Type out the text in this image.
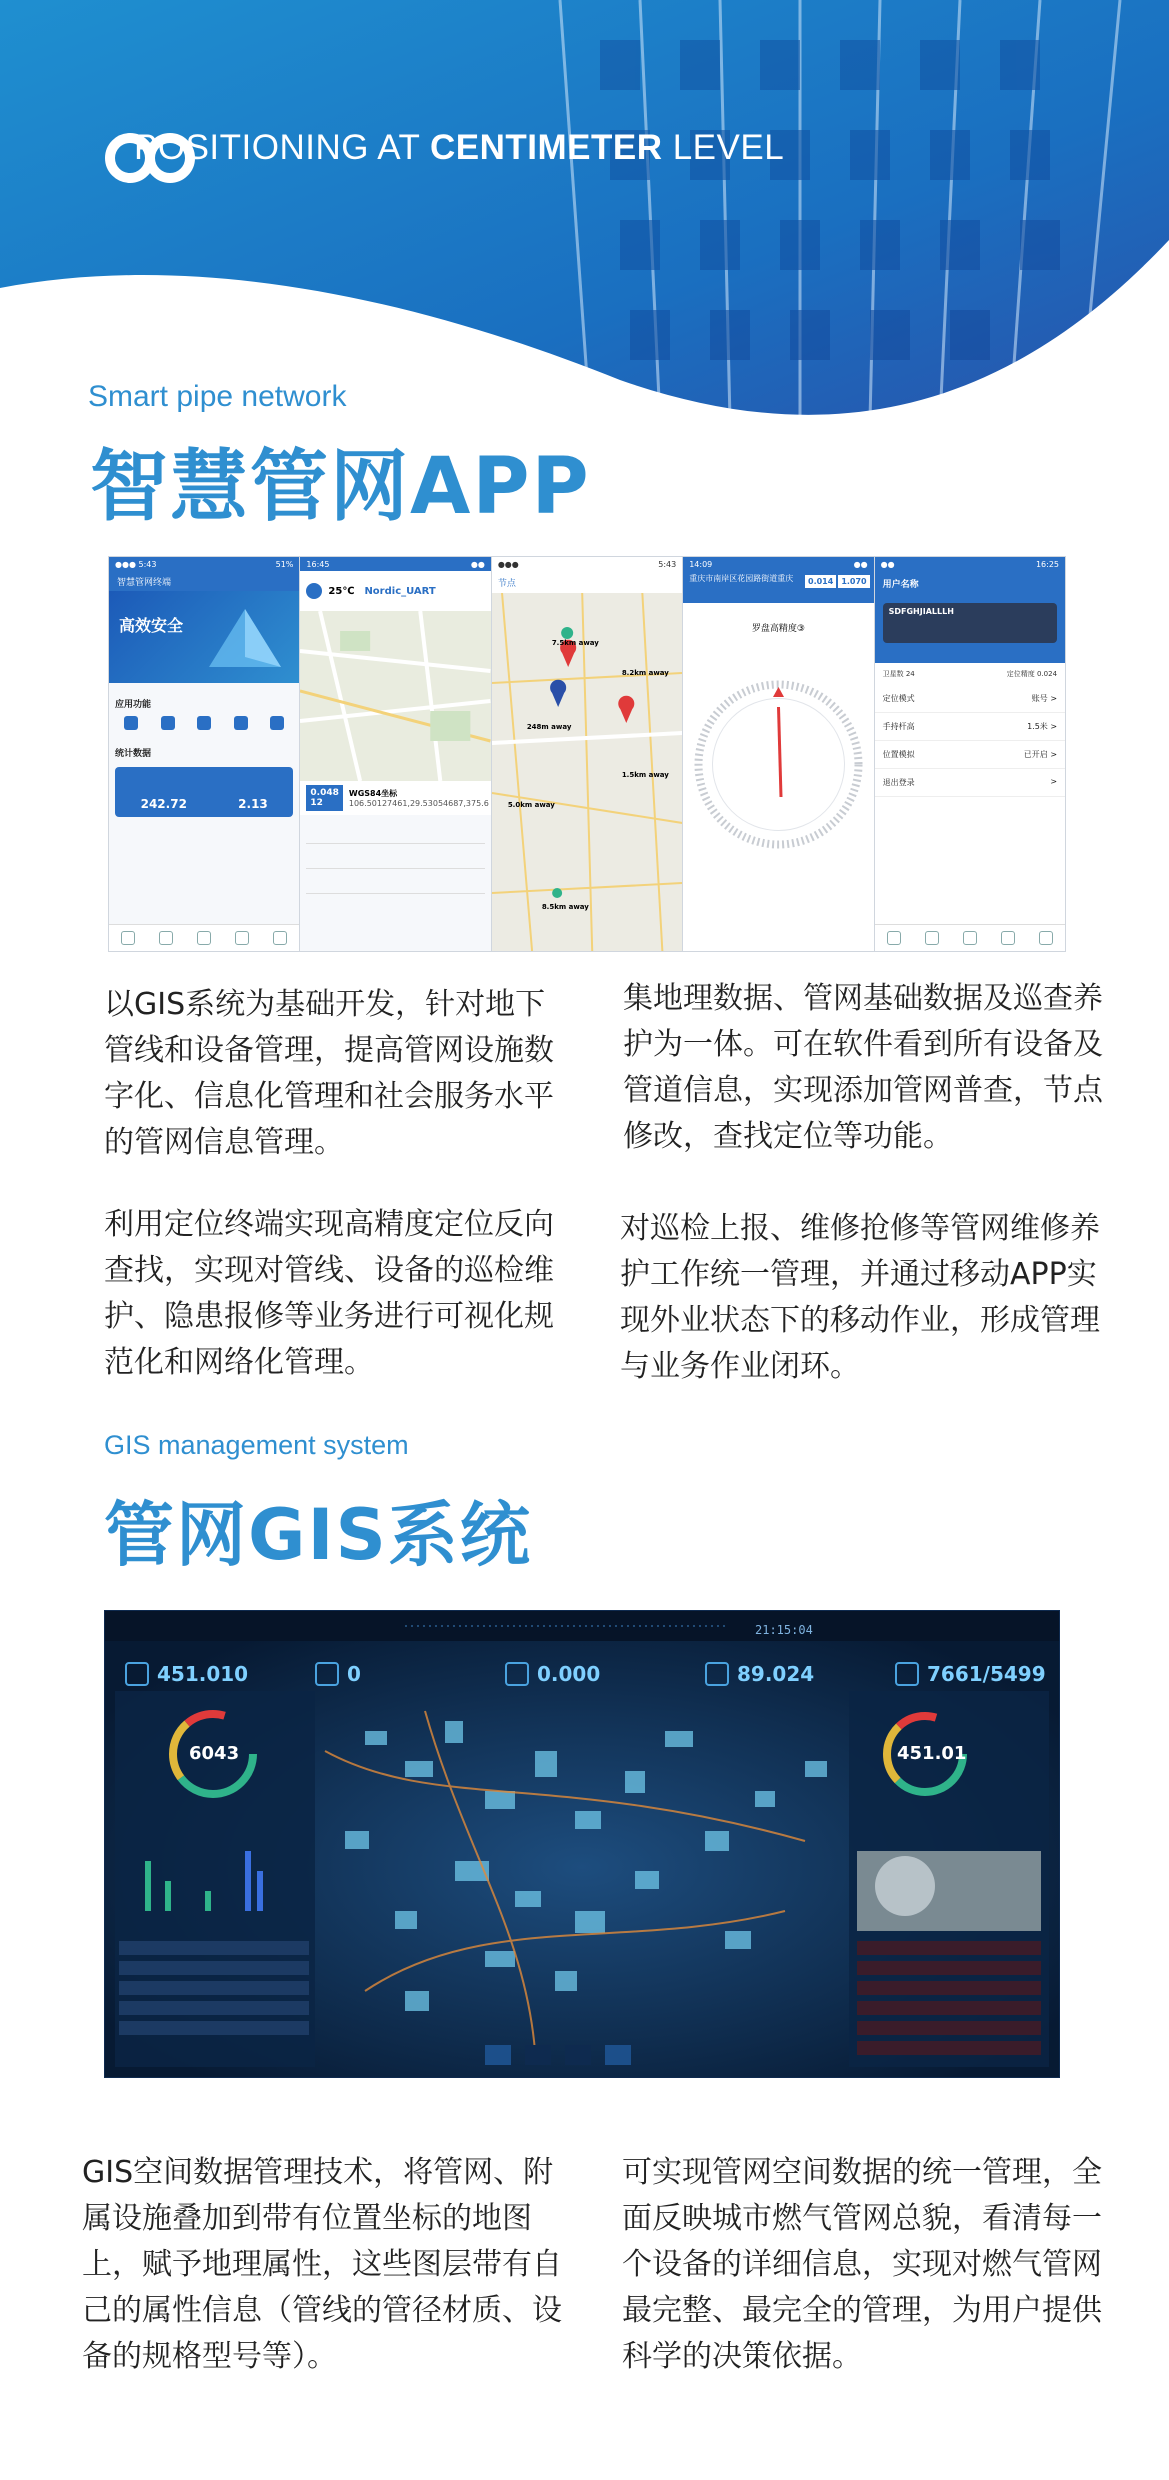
POSITIONING AT CENTIMETER LEVEL
Smart pipe network
智慧管网APP
●●● 5:43	51%
智慧管网终端
高效安全
应用功能
统计数据
242.72	2.13
16:45	●●
25℃ Nordic_UART
0.048 12
WGS84坐标
106.50127461,29.53054687,375.6
●●●	5:43
节点
7.5km away
8.2km away
248m away
1.5km away
5.0km away
8.5km away
14:09	●●
重庆市南岸区花园路街道重庆	0.014	1.070
罗盘高精度③
●●	16:25
用户名称
SDFGHJIALLLH
卫星数 24	定位精度 0.024
定位模式	账号 >
手持杆高	1.5米 >
位置模拟	已开启 >
退出登录	>

以GIS系统为基础开发，针对地下管线和设备管理，提高管网设施数字化、信息化管理和社会服务水平的管网信息管理。

集地理数据、管网基础数据及巡查养护为一体。可在软件看到所有设备及管道信息，实现添加管网普查，节点修改，查找定位等功能。

利用定位终端实现高精度定位反向查找，实现对管线、设备的巡检维护、隐患报修等业务进行可视化规范化和网络化管理。

对巡检上报、维修抢修等管网维修养护工作统一管理，并通过移动APP实现外业状态下的移动作业，形成管理与业务作业闭环。

GIS management system
管网GIS系统
21:15:04
451.010	0	0.000	89.024	7661/5499
6043	451.01

GIS空间数据管理技术，将管网、附属设施叠加到带有位置坐标的地图上，赋予地理属性，这些图层带有自己的属性信息（管线的管径材质、设备的规格型号等）。

可实现管网空间数据的统一管理，全面反映城市燃气管网总貌，看清每一个设备的详细信息，实现对燃气管网最完整、最完全的管理，为用户提供科学的决策依据。
